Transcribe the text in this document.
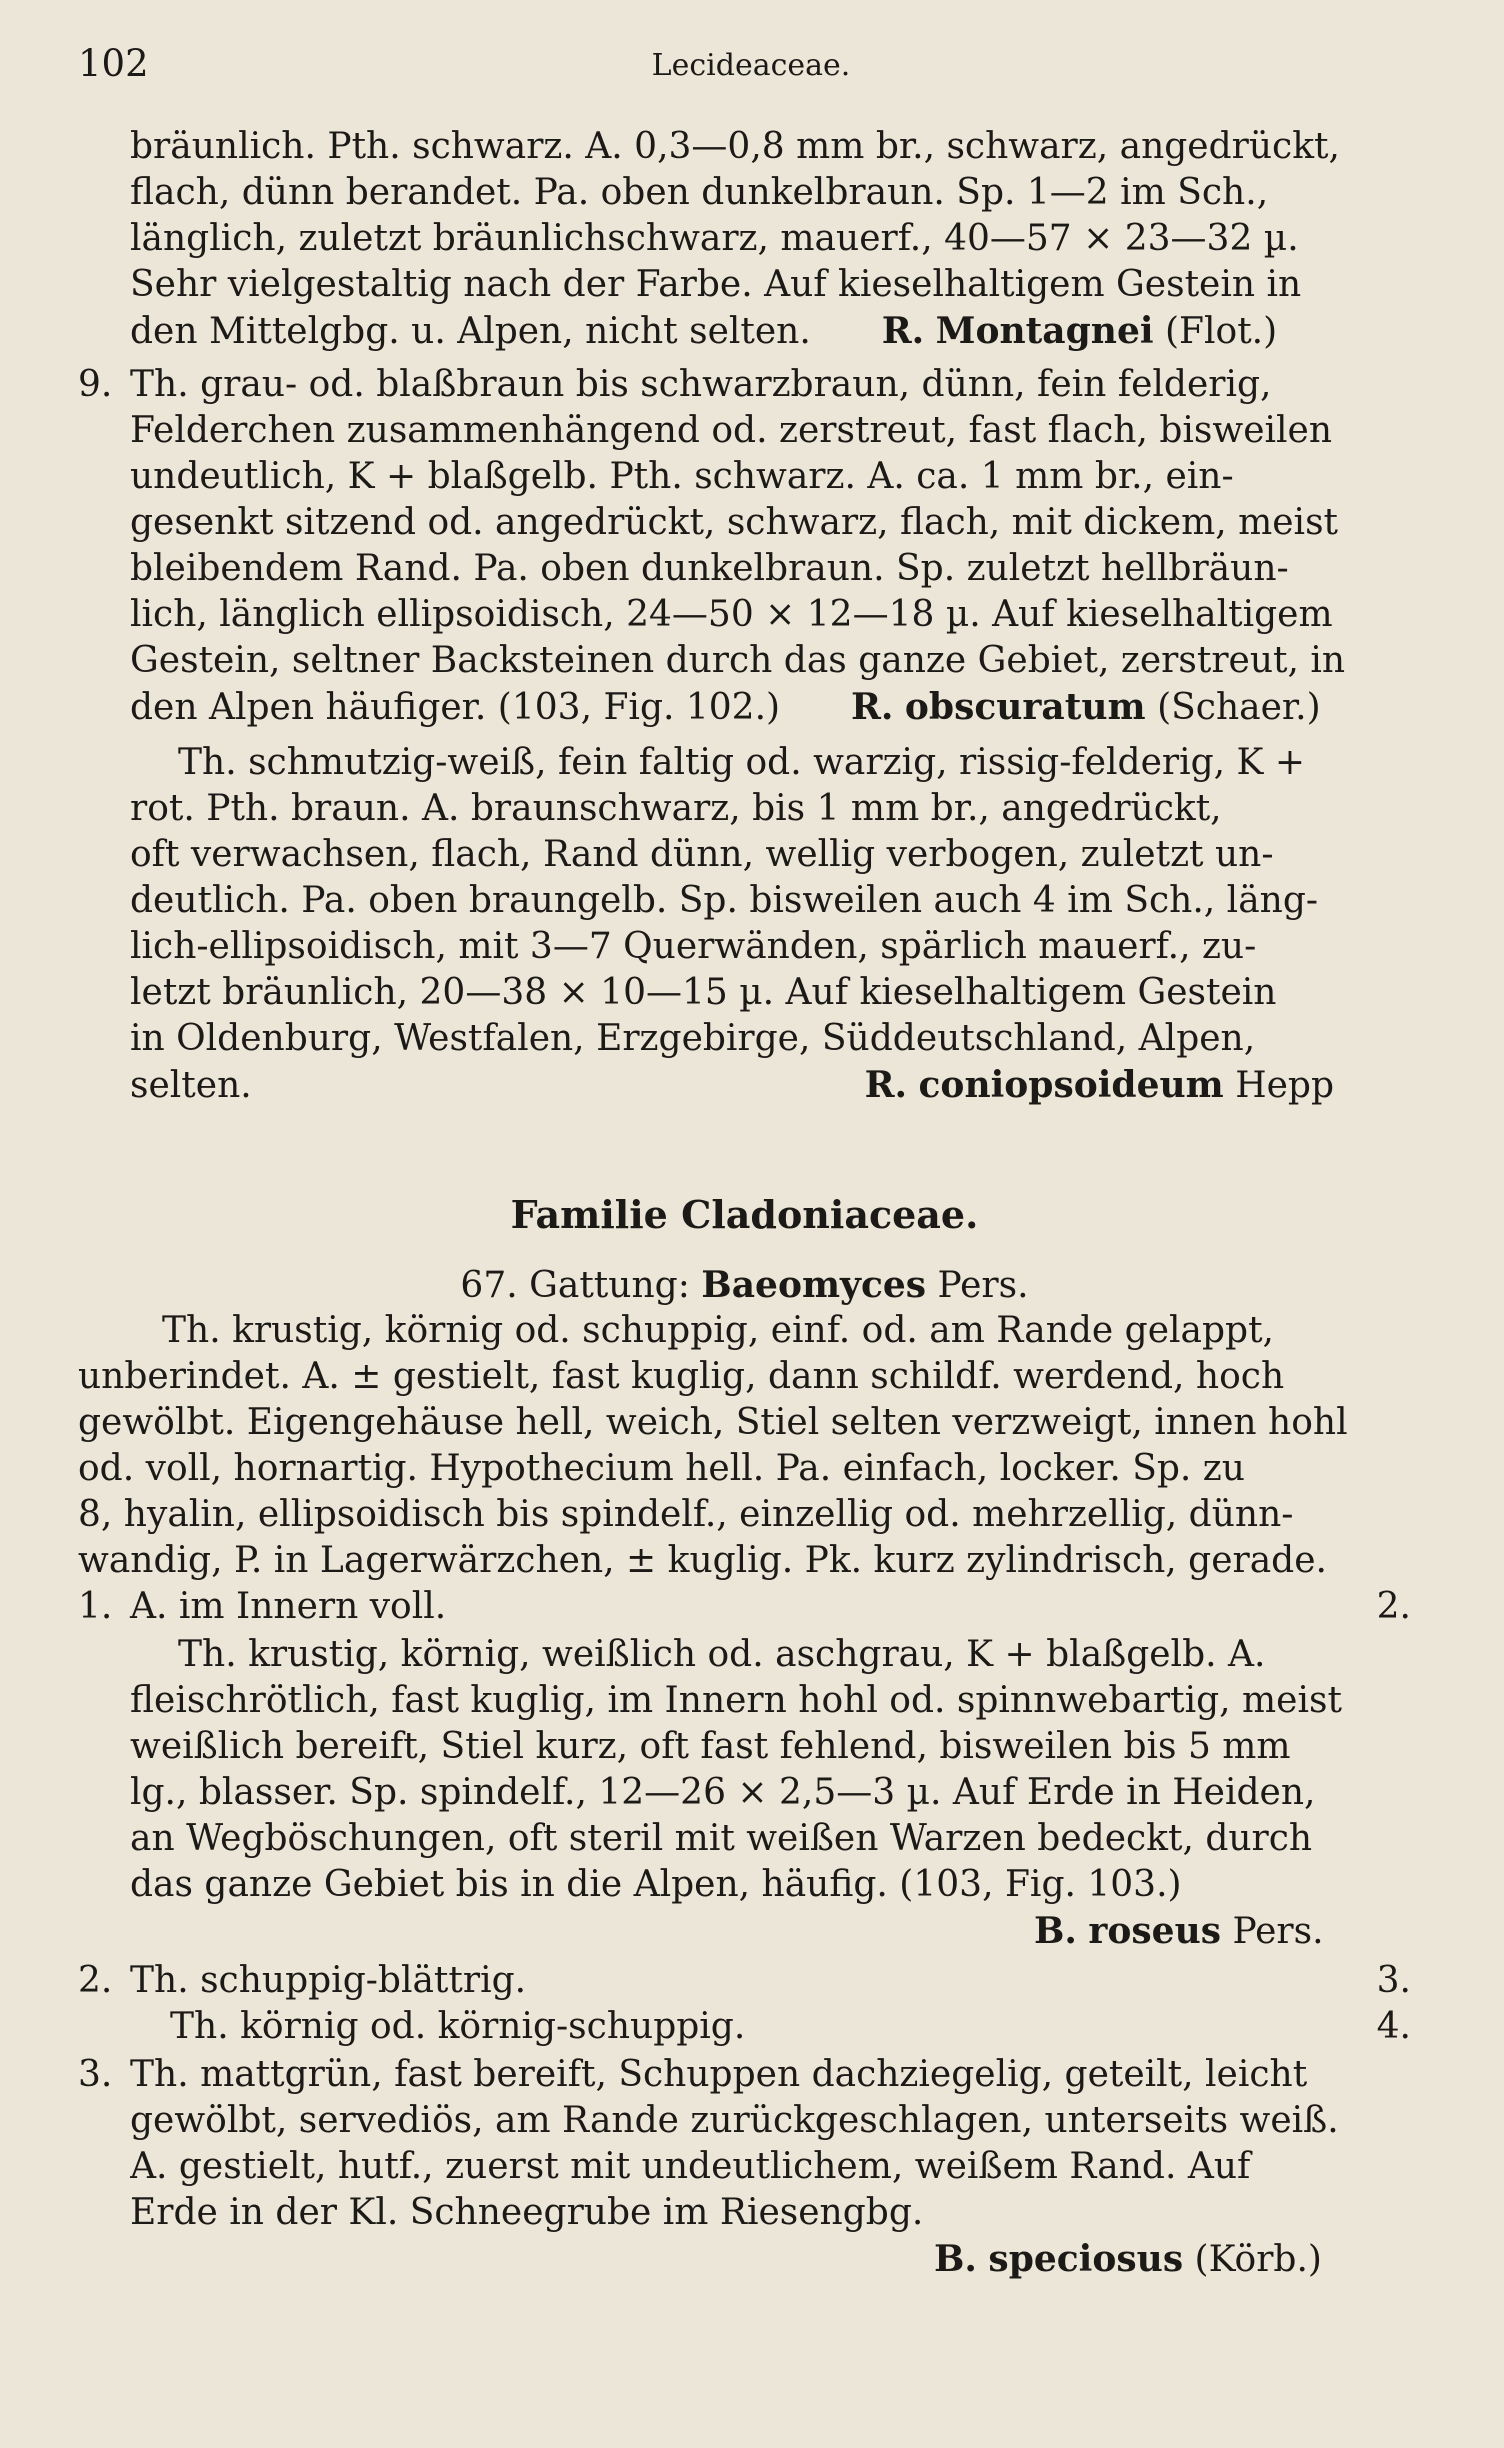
102	Lecideaceae.
bräunlich. Pth. schwarz. A. 0,3—0,8 mm br., schwarz, angedrückt,
flach, dünn berandet. Pa. oben dunkelbraun. Sp. 1—2 im Sch.,
länglich, zuletzt bräunlichschwarz, mauerf., 40—57 × 23—32 µ.
Sehr vielgestaltig nach der Farbe. Auf kieselhaltigem Gestein in
den Mittelgbg. u. Alpen, nicht selten. R. Montagnei (Flot.)
9. Th. grau- od. blaßbraun bis schwarzbraun, dünn, fein felderig,
Felderchen zusammenhängend od. zerstreut, fast flach, bisweilen
undeutlich, K + blaßgelb. Pth. schwarz. A. ca. 1 mm br., ein-
gesenkt sitzend od. angedrückt, schwarz, flach, mit dickem, meist
bleibendem Rand. Pa. oben dunkelbraun. Sp. zuletzt hellbräun-
lich, länglich ellipsoidisch, 24—50 × 12—18 µ. Auf kieselhaltigem
Gestein, seltner Backsteinen durch das ganze Gebiet, zerstreut, in
den Alpen häufiger. (103, Fig. 102.) R. obscuratum (Schaer.)
Th. schmutzig-weiß, fein faltig od. warzig, rissig-felderig, K +
rot. Pth. braun. A. braunschwarz, bis 1 mm br., angedrückt,
oft verwachsen, flach, Rand dünn, wellig verbogen, zuletzt un-
deutlich. Pa. oben braungelb. Sp. bisweilen auch 4 im Sch., läng-
lich-ellipsoidisch, mit 3—7 Querwänden, spärlich mauerf., zu-
letzt bräunlich, 20—38 × 10—15 µ. Auf kieselhaltigem Gestein
in Oldenburg, Westfalen, Erzgebirge, Süddeutschland, Alpen,
selten.	R. coniopsoideum Hepp
Familie Cladoniaceae.
67. Gattung: Baeomyces Pers.
Th. krustig, körnig od. schuppig, einf. od. am Rande gelappt,
unberindet. A. ± gestielt, fast kuglig, dann schildf. werdend, hoch
gewölbt. Eigengehäuse hell, weich, Stiel selten verzweigt, innen hohl
od. voll, hornartig. Hypothecium hell. Pa. einfach, locker. Sp. zu
8, hyalin, ellipsoidisch bis spindelf., einzellig od. mehrzellig, dünn-
wandig, P. in Lagerwärzchen, ± kuglig. Pk. kurz zylindrisch, gerade.
1. A. im Innern voll.	2.
Th. krustig, körnig, weißlich od. aschgrau, K + blaßgelb. A.
fleischrötlich, fast kuglig, im Innern hohl od. spinnwebartig, meist
weißlich bereift, Stiel kurz, oft fast fehlend, bisweilen bis 5 mm
lg., blasser. Sp. spindelf., 12—26 × 2,5—3 µ. Auf Erde in Heiden,
an Wegböschungen, oft steril mit weißen Warzen bedeckt, durch
das ganze Gebiet bis in die Alpen, häufig. (103, Fig. 103.)
B. roseus Pers.
2. Th. schuppig-blättrig.	3.
Th. körnig od. körnig-schuppig.	4.
3. Th. mattgrün, fast bereift, Schuppen dachziegelig, geteilt, leicht
gewölbt, servediös, am Rande zurückgeschlagen, unterseits weiß.
A. gestielt, hutf., zuerst mit undeutlichem, weißem Rand. Auf
Erde in der Kl. Schneegrube im Riesengbg.
B. speciosus (Körb.)
